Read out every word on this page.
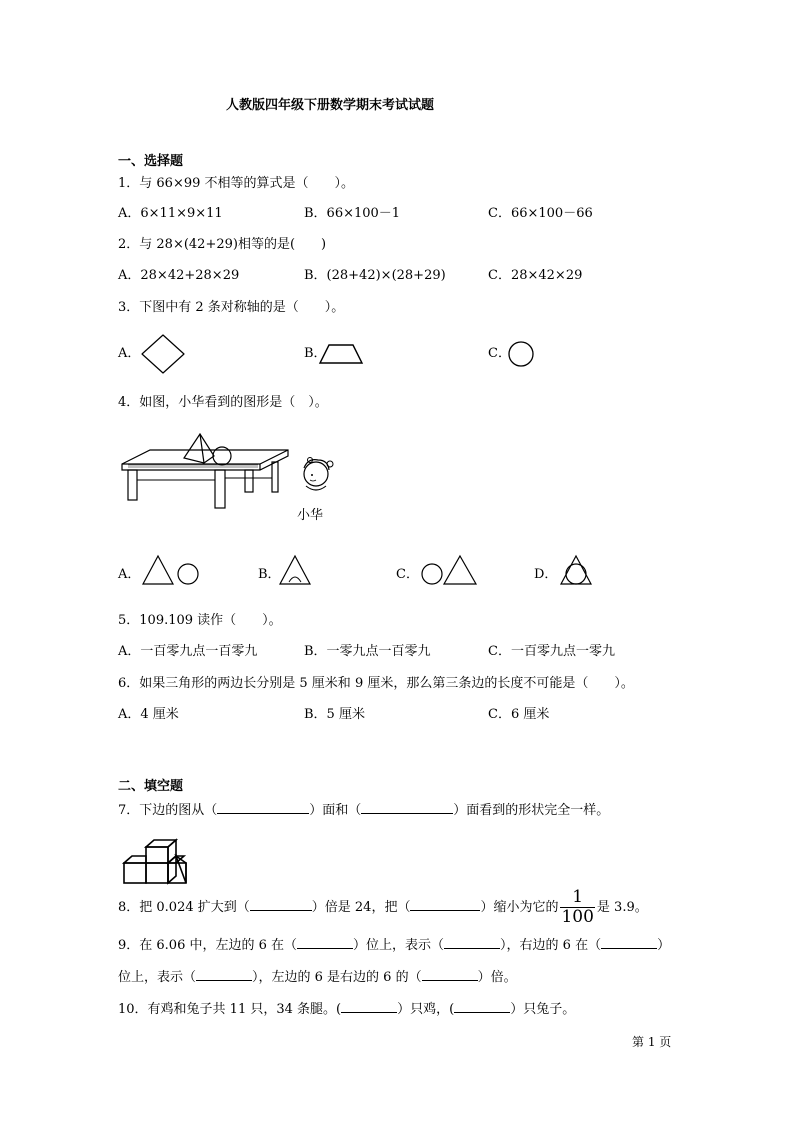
人教版四年级下册数学期末考试试题
一、选择题
1．与 66×99 不相等的算式是（　　）。
A．6×11×9×11	B．66×100－1	C．66×100－66
2．与 28×(42+29)相等的是(　　)
A．28×42+28×29	B．(28+42)×(28+29)	C．28×42×29
3．下图中有 2 条对称轴的是（　　）。
A．	B．	C．
4．如图，小华看到的图形是（　）。
小华
A．	B．	C．	D．
5．109.109 读作（　　）。
A．一百零九点一百零九	B．一零九点一百零九	C．一百零九点一零九
6．如果三角形的两边长分别是 5 厘米和 9 厘米，那么第三条边的长度不可能是（　　）。
A．4 厘米	B．5 厘米	C．6 厘米
二、填空题
7．下边的图从（	）面和（	）面看到的形状完全一样。
8．把 0.024 扩大到（	）倍是 24，把（	）缩小为它的 $\frac{1}{100}$ 是 3.9。
9．在 6.06 中，左边的 6 在（	）位上，表示（	），右边的 6 在（	）
位上，表示（	），左边的 6 是右边的 6 的（	）倍。
10．有鸡和兔子共 11 只，34 条腿。(	）只鸡，(	）只兔子。
第 1 页
